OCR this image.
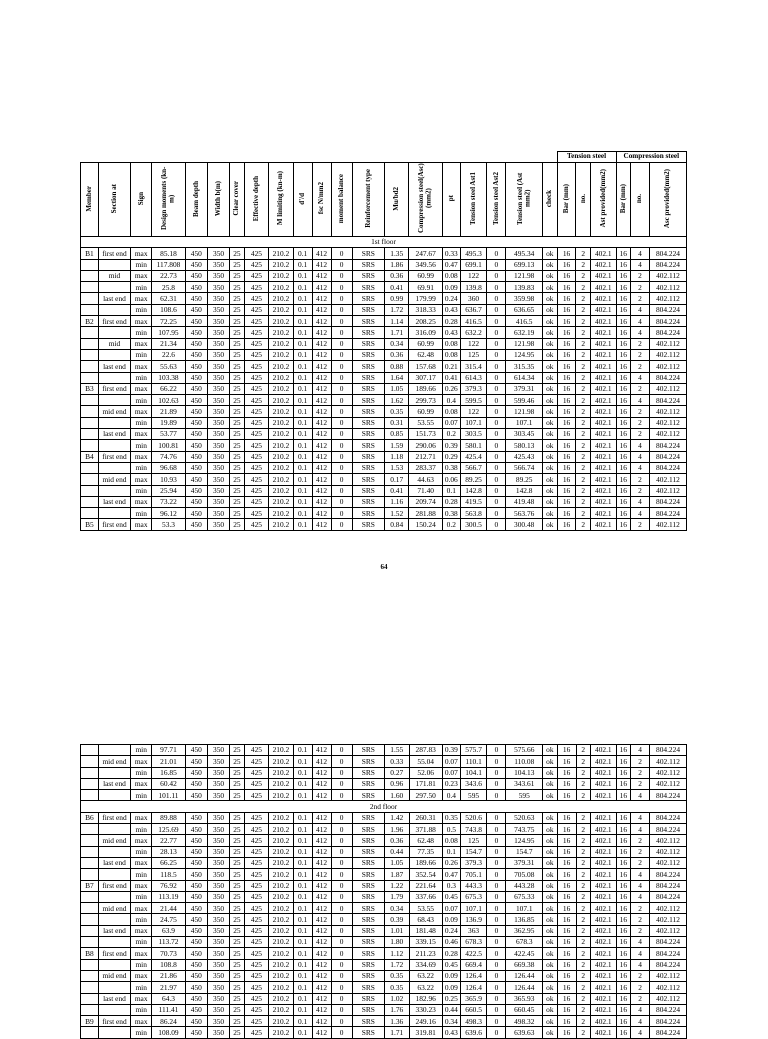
																				Tension steel			Compression steel		
Member	Section at	Sign	Design moments (kn-m)	Beam depth	Width b(m)	Clear cover	Effective depth	M limiting (kn-m)	d'/d	fsc N/mm2	moment balance	Reinforcement type	Mu/bd2	Compression steel(Asc)(mm2)	pt	Tension steel Ast1	Tension steel Ast2	Tension steel (Ast mm2)	check	Bar (mm)	no.	Ast provided(mm2)	Bar (mm)	no.	Asc provided(mm2)
1st floor																									
B1	first end	max	85.18	450	350	25	425	210.2	0.1	412	0	SRS	1.35	247.67	0.33	495.3	0	495.34	ok	16	2	402.1	16	4	804.224
		min	117.808	450	350	25	425	210.2	0.1	412	0	SRS	1.86	349.56	0.47	699.1	0	699.13	ok	16	2	402.1	16	4	804.224
	mid	max	22.73	450	350	25	425	210.2	0.1	412	0	SRS	0.36	60.99	0.08	122	0	121.98	ok	16	2	402.1	16	2	402.112
		min	25.8	450	350	25	425	210.2	0.1	412	0	SRS	0.41	69.91	0.09	139.8	0	139.83	ok	16	2	402.1	16	2	402.112
	last end	max	62.31	450	350	25	425	210.2	0.1	412	0	SRS	0.99	179.99	0.24	360	0	359.98	ok	16	2	402.1	16	2	402.112
		min	108.6	450	350	25	425	210.2	0.1	412	0	SRS	1.72	318.33	0.43	636.7	0	636.65	ok	16	2	402.1	16	4	804.224
B2	first end	max	72.25	450	350	25	425	210.2	0.1	412	0	SRS	1.14	208.25	0.28	416.5	0	416.5	ok	16	2	402.1	16	4	804.224
		min	107.95	450	350	25	425	210.2	0.1	412	0	SRS	1.71	316.09	0.43	632.2	0	632.19	ok	16	2	402.1	16	4	804.224
	mid	max	21.34	450	350	25	425	210.2	0.1	412	0	SRS	0.34	60.99	0.08	122	0	121.98	ok	16	2	402.1	16	2	402.112
		min	22.6	450	350	25	425	210.2	0.1	412	0	SRS	0.36	62.48	0.08	125	0	124.95	ok	16	2	402.1	16	2	402.112
	last end	max	55.63	450	350	25	425	210.2	0.1	412	0	SRS	0.88	157.68	0.21	315.4	0	315.35	ok	16	2	402.1	16	2	402.112
		min	103.38	450	350	25	425	210.2	0.1	412	0	SRS	1.64	307.17	0.41	614.3	0	614.34	ok	16	2	402.1	16	4	804.224
B3	first end	max	66.22	450	350	25	425	210.2	0.1	412	0	SRS	1.05	189.66	0.26	379.3	0	379.31	ok	16	2	402.1	16	2	402.112
		min	102.63	450	350	25	425	210.2	0.1	412	0	SRS	1.62	299.73	0.4	599.5	0	599.46	ok	16	2	402.1	16	4	804.224
	mid end	max	21.89	450	350	25	425	210.2	0.1	412	0	SRS	0.35	60.99	0.08	122	0	121.98	ok	16	2	402.1	16	2	402.112
		min	19.89	450	350	25	425	210.2	0.1	412	0	SRS	0.31	53.55	0.07	107.1	0	107.1	ok	16	2	402.1	16	2	402.112
	last end	max	53.77	450	350	25	425	210.2	0.1	412	0	SRS	0.85	151.73	0.2	303.5	0	303.45	ok	16	2	402.1	16	2	402.112
		min	100.81	450	350	25	425	210.2	0.1	412	0	SRS	1.59	290.06	0.39	580.1	0	580.13	ok	16	2	402.1	16	4	804.224
B4	first end	max	74.76	450	350	25	425	210.2	0.1	412	0	SRS	1.18	212.71	0.29	425.4	0	425.43	ok	16	2	402.1	16	4	804.224
		min	96.68	450	350	25	425	210.2	0.1	412	0	SRS	1.53	283.37	0.38	566.7	0	566.74	ok	16	2	402.1	16	4	804.224
	mid end	max	10.93	450	350	25	425	210.2	0.1	412	0	SRS	0.17	44.63	0.06	89.25	0	89.25	ok	16	2	402.1	16	2	402.112
		min	25.94	450	350	25	425	210.2	0.1	412	0	SRS	0.41	71.40	0.1	142.8	0	142.8	ok	16	2	402.1	16	2	402.112
	last end	max	73.22	450	350	25	425	210.2	0.1	412	0	SRS	1.16	209.74	0.28	419.5	0	419.48	ok	16	2	402.1	16	4	804.224
		min	96.12	450	350	25	425	210.2	0.1	412	0	SRS	1.52	281.88	0.38	563.8	0	563.76	ok	16	2	402.1	16	4	804.224
B5	first end	max	53.3	450	350	25	425	210.2	0.1	412	0	SRS	0.84	150.24	0.2	300.5	0	300.48	ok	16	2	402.1	16	2	402.112
64
		min	97.71	450	350	25	425	210.2	0.1	412	0	SRS	1.55	287.83	0.39	575.7	0	575.66	ok	16	2	402.1	16	4	804.224
	mid end	max	21.01	450	350	25	425	210.2	0.1	412	0	SRS	0.33	55.04	0.07	110.1	0	110.08	ok	16	2	402.1	16	2	402.112
		min	16.85	450	350	25	425	210.2	0.1	412	0	SRS	0.27	52.06	0.07	104.1	0	104.13	ok	16	2	402.1	16	2	402.112
	last end	max	60.42	450	350	25	425	210.2	0.1	412	0	SRS	0.96	171.81	0.23	343.6	0	343.61	ok	16	2	402.1	16	2	402.112
		min	101.11	450	350	25	425	210.2	0.1	412	0	SRS	1.60	297.50	0.4	595	0	595	ok	16	2	402.1	16	4	804.224
2nd floor																									
B6	first end	max	89.88	450	350	25	425	210.2	0.1	412	0	SRS	1.42	260.31	0.35	520.6	0	520.63	ok	16	2	402.1	16	4	804.224
		min	125.69	450	350	25	425	210.2	0.1	412	0	SRS	1.96	371.88	0.5	743.8	0	743.75	ok	16	2	402.1	16	4	804.224
	mid end	max	22.77	450	350	25	425	210.2	0.1	412	0	SRS	0.36	62.48	0.08	125	0	124.95	ok	16	2	402.1	16	2	402.112
		min	28.13	450	350	25	425	210.2	0.1	412	0	SRS	0.44	77.35	0.1	154.7	0	154.7	ok	16	2	402.1	16	2	402.112
	last end	max	66.25	450	350	25	425	210.2	0.1	412	0	SRS	1.05	189.66	0.26	379.3	0	379.31	ok	16	2	402.1	16	2	402.112
		min	118.5	450	350	25	425	210.2	0.1	412	0	SRS	1.87	352.54	0.47	705.1	0	705.08	ok	16	2	402.1	16	4	804.224
B7	first end	max	76.92	450	350	25	425	210.2	0.1	412	0	SRS	1.22	221.64	0.3	443.3	0	443.28	ok	16	2	402.1	16	4	804.224
		min	113.19	450	350	25	425	210.2	0.1	412	0	SRS	1.79	337.66	0.45	675.3	0	675.33	ok	16	2	402.1	16	4	804.224
	mid end	max	21.44	450	350	25	425	210.2	0.1	412	0	SRS	0.34	53.55	0.07	107.1	0	107.1	ok	16	2	402.1	16	2	402.112
		min	24.75	450	350	25	425	210.2	0.1	412	0	SRS	0.39	68.43	0.09	136.9	0	136.85	ok	16	2	402.1	16	2	402.112
	last end	max	63.9	450	350	25	425	210.2	0.1	412	0	SRS	1.01	181.48	0.24	363	0	362.95	ok	16	2	402.1	16	2	402.112
		min	113.72	450	350	25	425	210.2	0.1	412	0	SRS	1.80	339.15	0.46	678.3	0	678.3	ok	16	2	402.1	16	4	804.224
B8	first end	max	70.73	450	350	25	425	210.2	0.1	412	0	SRS	1.12	211.23	0.28	422.5	0	422.45	ok	16	2	402.1	16	4	804.224
		min	108.8	450	350	25	425	210.2	0.1	412	0	SRS	1.72	334.69	0.45	669.4	0	669.38	ok	16	2	402.1	16	4	804.224
	mid end	max	21.86	450	350	25	425	210.2	0.1	412	0	SRS	0.35	63.22	0.09	126.4	0	126.44	ok	16	2	402.1	16	2	402.112
		min	21.97	450	350	25	425	210.2	0.1	412	0	SRS	0.35	63.22	0.09	126.4	0	126.44	ok	16	2	402.1	16	2	402.112
	last end	max	64.3	450	350	25	425	210.2	0.1	412	0	SRS	1.02	182.96	0.25	365.9	0	365.93	ok	16	2	402.1	16	2	402.112
		min	111.41	450	350	25	425	210.2	0.1	412	0	SRS	1.76	330.23	0.44	660.5	0	660.45	ok	16	2	402.1	16	4	804.224
B9	first end	max	86.24	450	350	25	425	210.2	0.1	412	0	SRS	1.36	249.16	0.34	498.3	0	498.32	ok	16	2	402.1	16	4	804.224
		min	108.09	450	350	25	425	210.2	0.1	412	0	SRS	1.71	319.81	0.43	639.6	0	639.63	ok	16	2	402.1	16	4	804.224
